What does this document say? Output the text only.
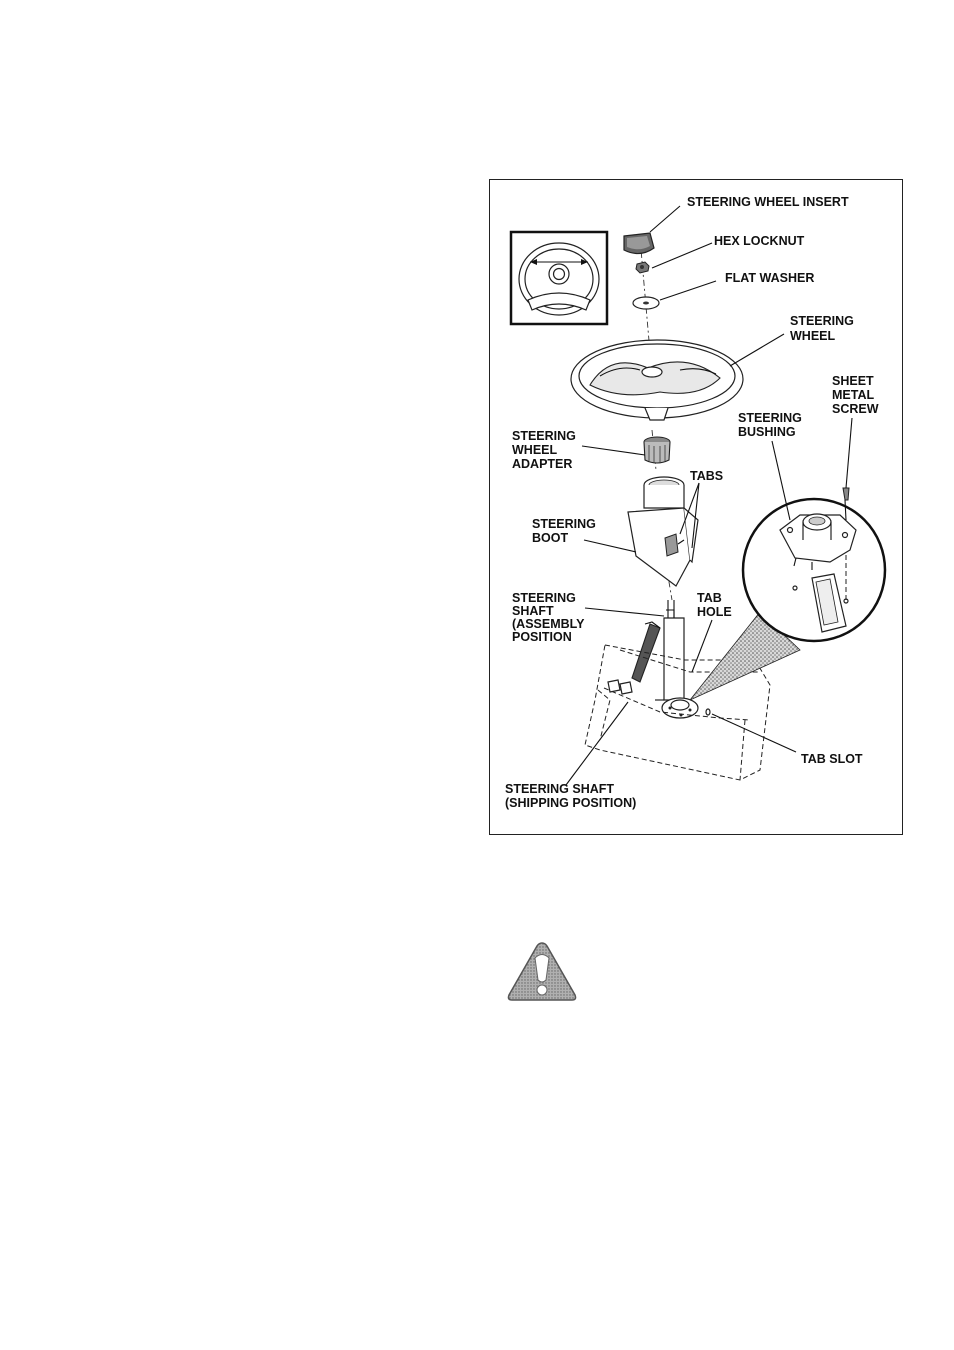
STEERING WHEEL INSERT
HEX LOCKNUT
FLAT WASHER
STEERING
WHEEL
SHEET
METAL
SCREW
STEERING
BUSHING
STEERING
WHEEL
ADAPTER
TABS
STEERING
BOOT
STEERING
SHAFT
(ASSEMBLY
POSITION
TAB
HOLE
TAB SLOT
STEERING SHAFT
(SHIPPING POSITION)
